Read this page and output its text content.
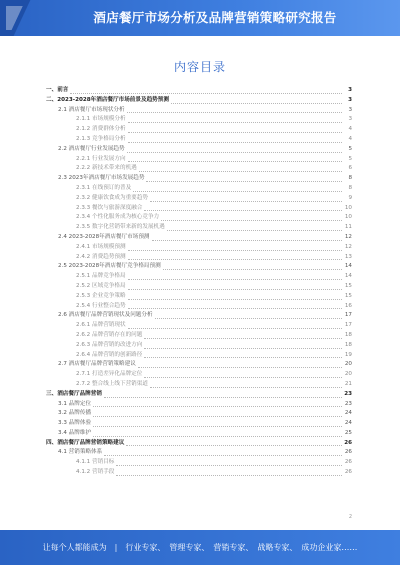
酒店餐厅市场分析及品牌营销策略研究报告
内容目录
一、前言	3
二、2023-2028年酒店餐厅市场前景及趋势预测	3
2.1 酒店餐厅市场现状分析	3
2.1.1 市场规模分析	3
2.1.2 消费群体分析	4
2.1.3 竞争格局分析	4
2.2 酒店餐厅行业发展趋势	5
2.2.1 行业发展方向	5
2.2.2 新技术带来的机遇	6
2.3 2023年酒店餐厅市场发展趋势	8
2.3.1 在线预订的普及	8
2.3.2 健康饮食成为重要趋势	9
2.3.3 餐饮与旅游深度融合	10
2.3.4 个性化服务成为核心竞争力	10
2.3.5 数字化营销带来新的发展机遇	11
2.4 2023-2028年酒店餐厅市场预测	12
2.4.1 市场规模预测	12
2.4.2 消费趋势预测	13
2.5 2023-2028年酒店餐厅竞争格局预测	14
2.5.1 品牌竞争格局	14
2.5.2 区域竞争格局	15
2.5.3 企业竞争策略	15
2.5.4 行业整合趋势	16
2.6 酒店餐厅品牌营销现状及问题分析	17
2.6.1 品牌营销现状	17
2.6.2 品牌营销存在的问题	18
2.6.3 品牌营销的改进方向	18
2.6.4 品牌营销的创新路径	19
2.7 酒店餐厅品牌营销策略建议	20
2.7.1 打造差异化品牌定位	20
2.7.2 整合线上线下营销渠道	21
三、酒店餐厅品牌营销	23
3.1 品牌定位	23
3.2 品牌传播	24
3.3 品牌体验	24
3.4 品牌维护	25
四、酒店餐厅品牌营销策略建议	26
4.1 营销策略体系	26
4.1.1 营销目标	26
4.1.2 营销手段	26
2
让每个人都能成为 | 行业专家、 管理专家、 营销专家、 战略专家、 成功企业家……
